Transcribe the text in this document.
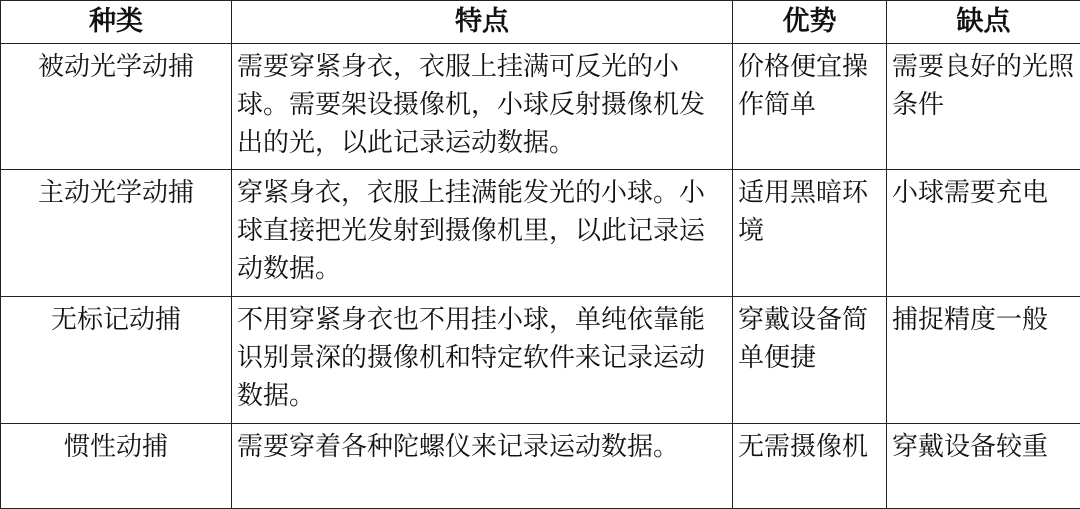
种类	特点	优势	缺点

被动光学动捕	需要穿紧身衣，衣服上挂满可反光的小球。需要架设摄像机，小球反射摄像机发出的光，以此记录运动数据。	价格便宜操作简单	需要良好的光照条件

主动光学动捕	穿紧身衣，衣服上挂满能发光的小球。小球直接把光发射到摄像机里，以此记录运动数据。	适用黑暗环境	小球需要充电

无标记动捕	不用穿紧身衣也不用挂小球，单纯依靠能识别景深的摄像机和特定软件来记录运动数据。	穿戴设备简单便捷	捕捉精度一般

惯性动捕	需要穿着各种陀螺仪来记录运动数据。	无需摄像机	穿戴设备较重
